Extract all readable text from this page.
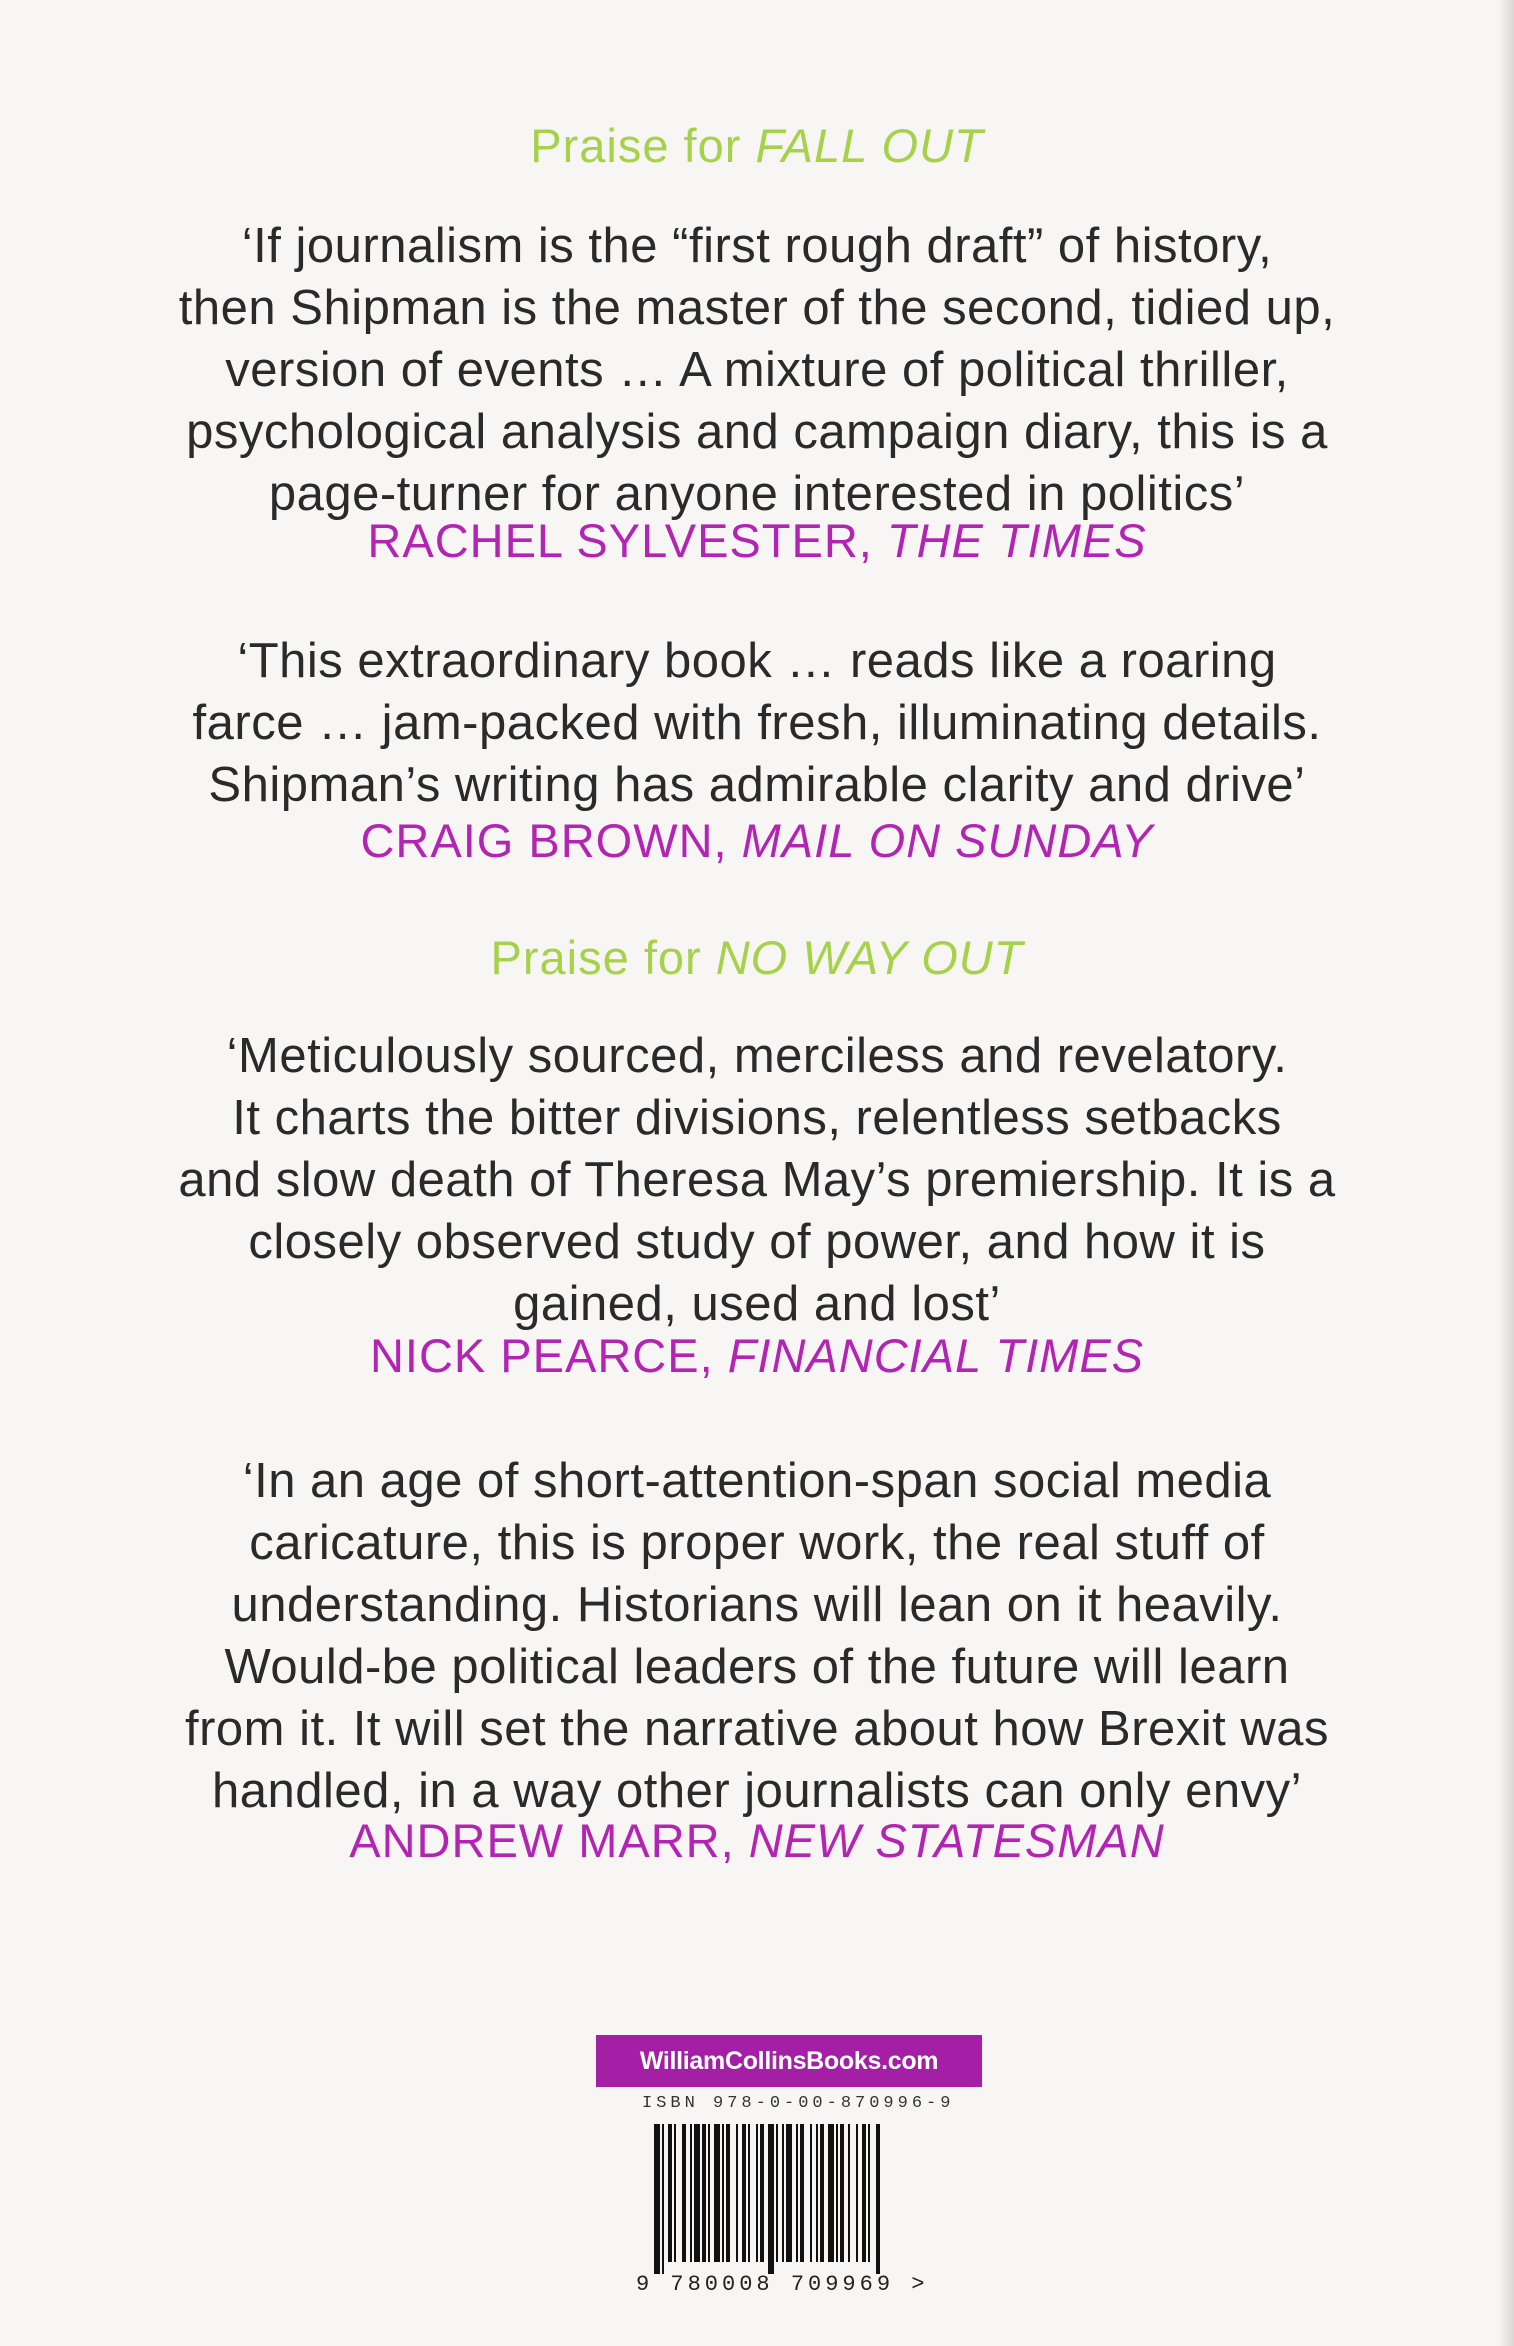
Praise for FALL OUT
‘If journalism is the “first rough draft” of history,
then Shipman is the master of the second, tidied up,
version of events … A mixture of political thriller,
psychological analysis and campaign diary, this is a
page-turner for anyone interested in politics’
RACHEL SYLVESTER, THE TIMES
‘This extraordinary book … reads like a roaring
farce … jam-packed with fresh, illuminating details.
Shipman’s writing has admirable clarity and drive’
CRAIG BROWN, MAIL ON SUNDAY
Praise for NO WAY OUT
‘Meticulously sourced, merciless and revelatory.
It charts the bitter divisions, relentless setbacks
and slow death of Theresa May’s premiership. It is a
closely observed study of power, and how it is
gained, used and lost’
NICK PEARCE, FINANCIAL TIMES
‘In an age of short-attention-span social media
caricature, this is proper work, the real stuff of
understanding. Historians will lean on it heavily.
Would-be political leaders of the future will learn
from it. It will set the narrative about how Brexit was
handled, in a way other journalists can only envy’
ANDREW MARR, NEW STATESMAN
WilliamCollinsBooks.com
ISBN 978-0-00-870996-9
9 780008 709969 >
